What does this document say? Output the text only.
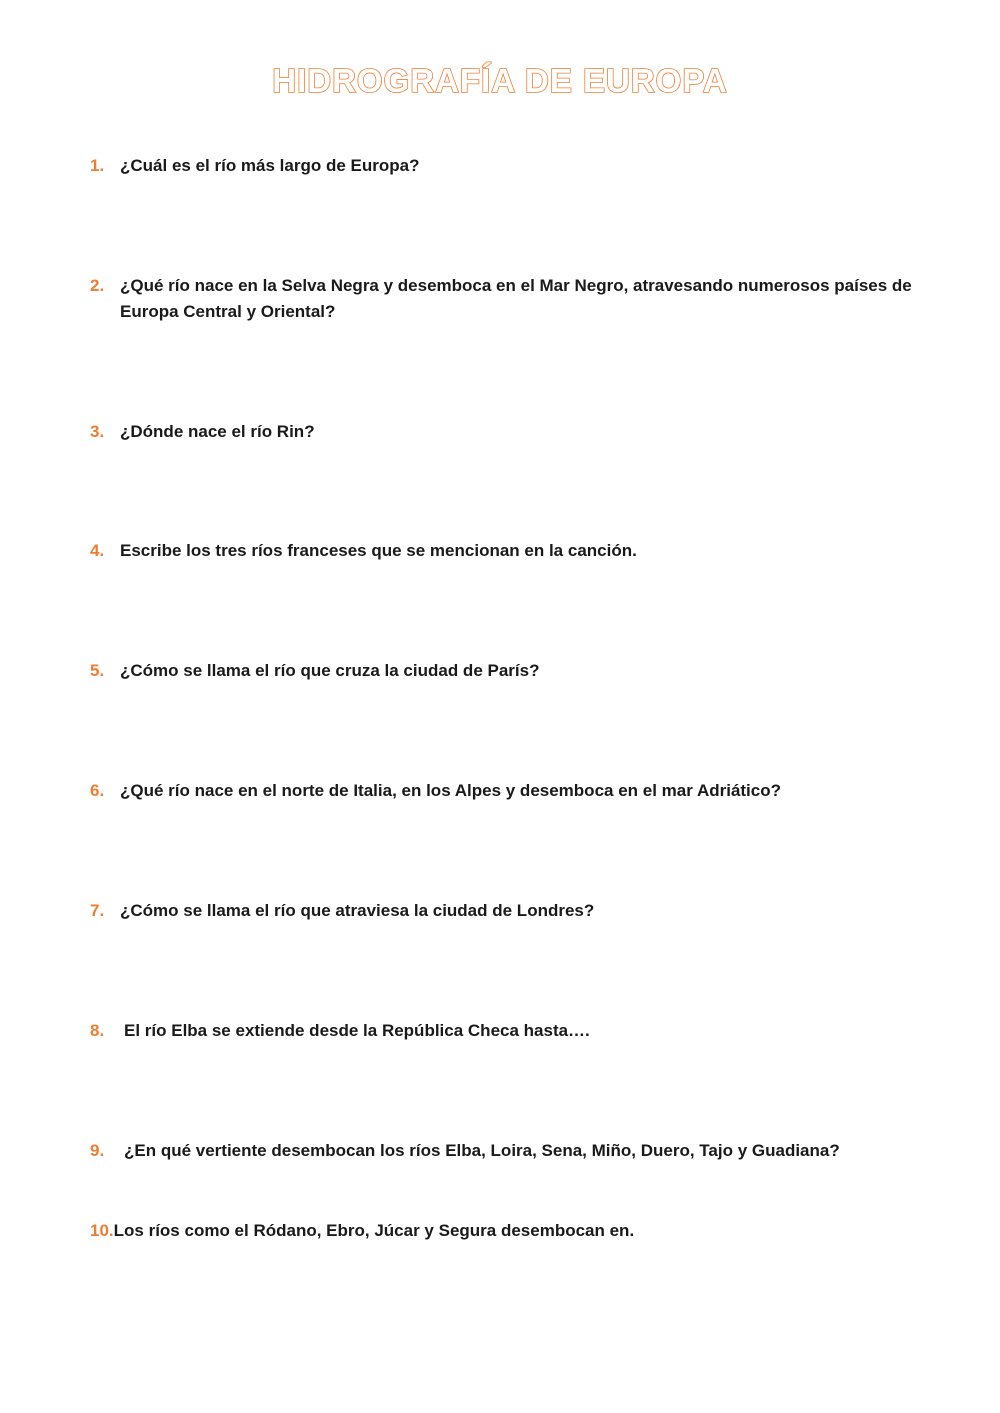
HIDROGRAFÍA DE EUROPA
1. ¿Cuál es el río más largo de Europa?
2. ¿Qué río nace en la Selva Negra y desemboca en el Mar Negro, atravesando numerosos países de Europa Central y Oriental?
3. ¿Dónde nace el río Rin?
4. Escribe los tres ríos franceses que se mencionan en la canción.
5. ¿Cómo se llama el río que cruza la ciudad de París?
6. ¿Qué río nace en el norte de Italia, en los Alpes y desemboca en el mar Adriático?
7. ¿Cómo se llama el río que atraviesa la ciudad de Londres?
8.	El río Elba se extiende desde la República Checa hasta….
9.	¿En qué vertiente desembocan los ríos Elba, Loira, Sena, Miño, Duero, Tajo y Guadiana?
10. Los ríos como el Ródano, Ebro, Júcar y Segura desembocan en.
